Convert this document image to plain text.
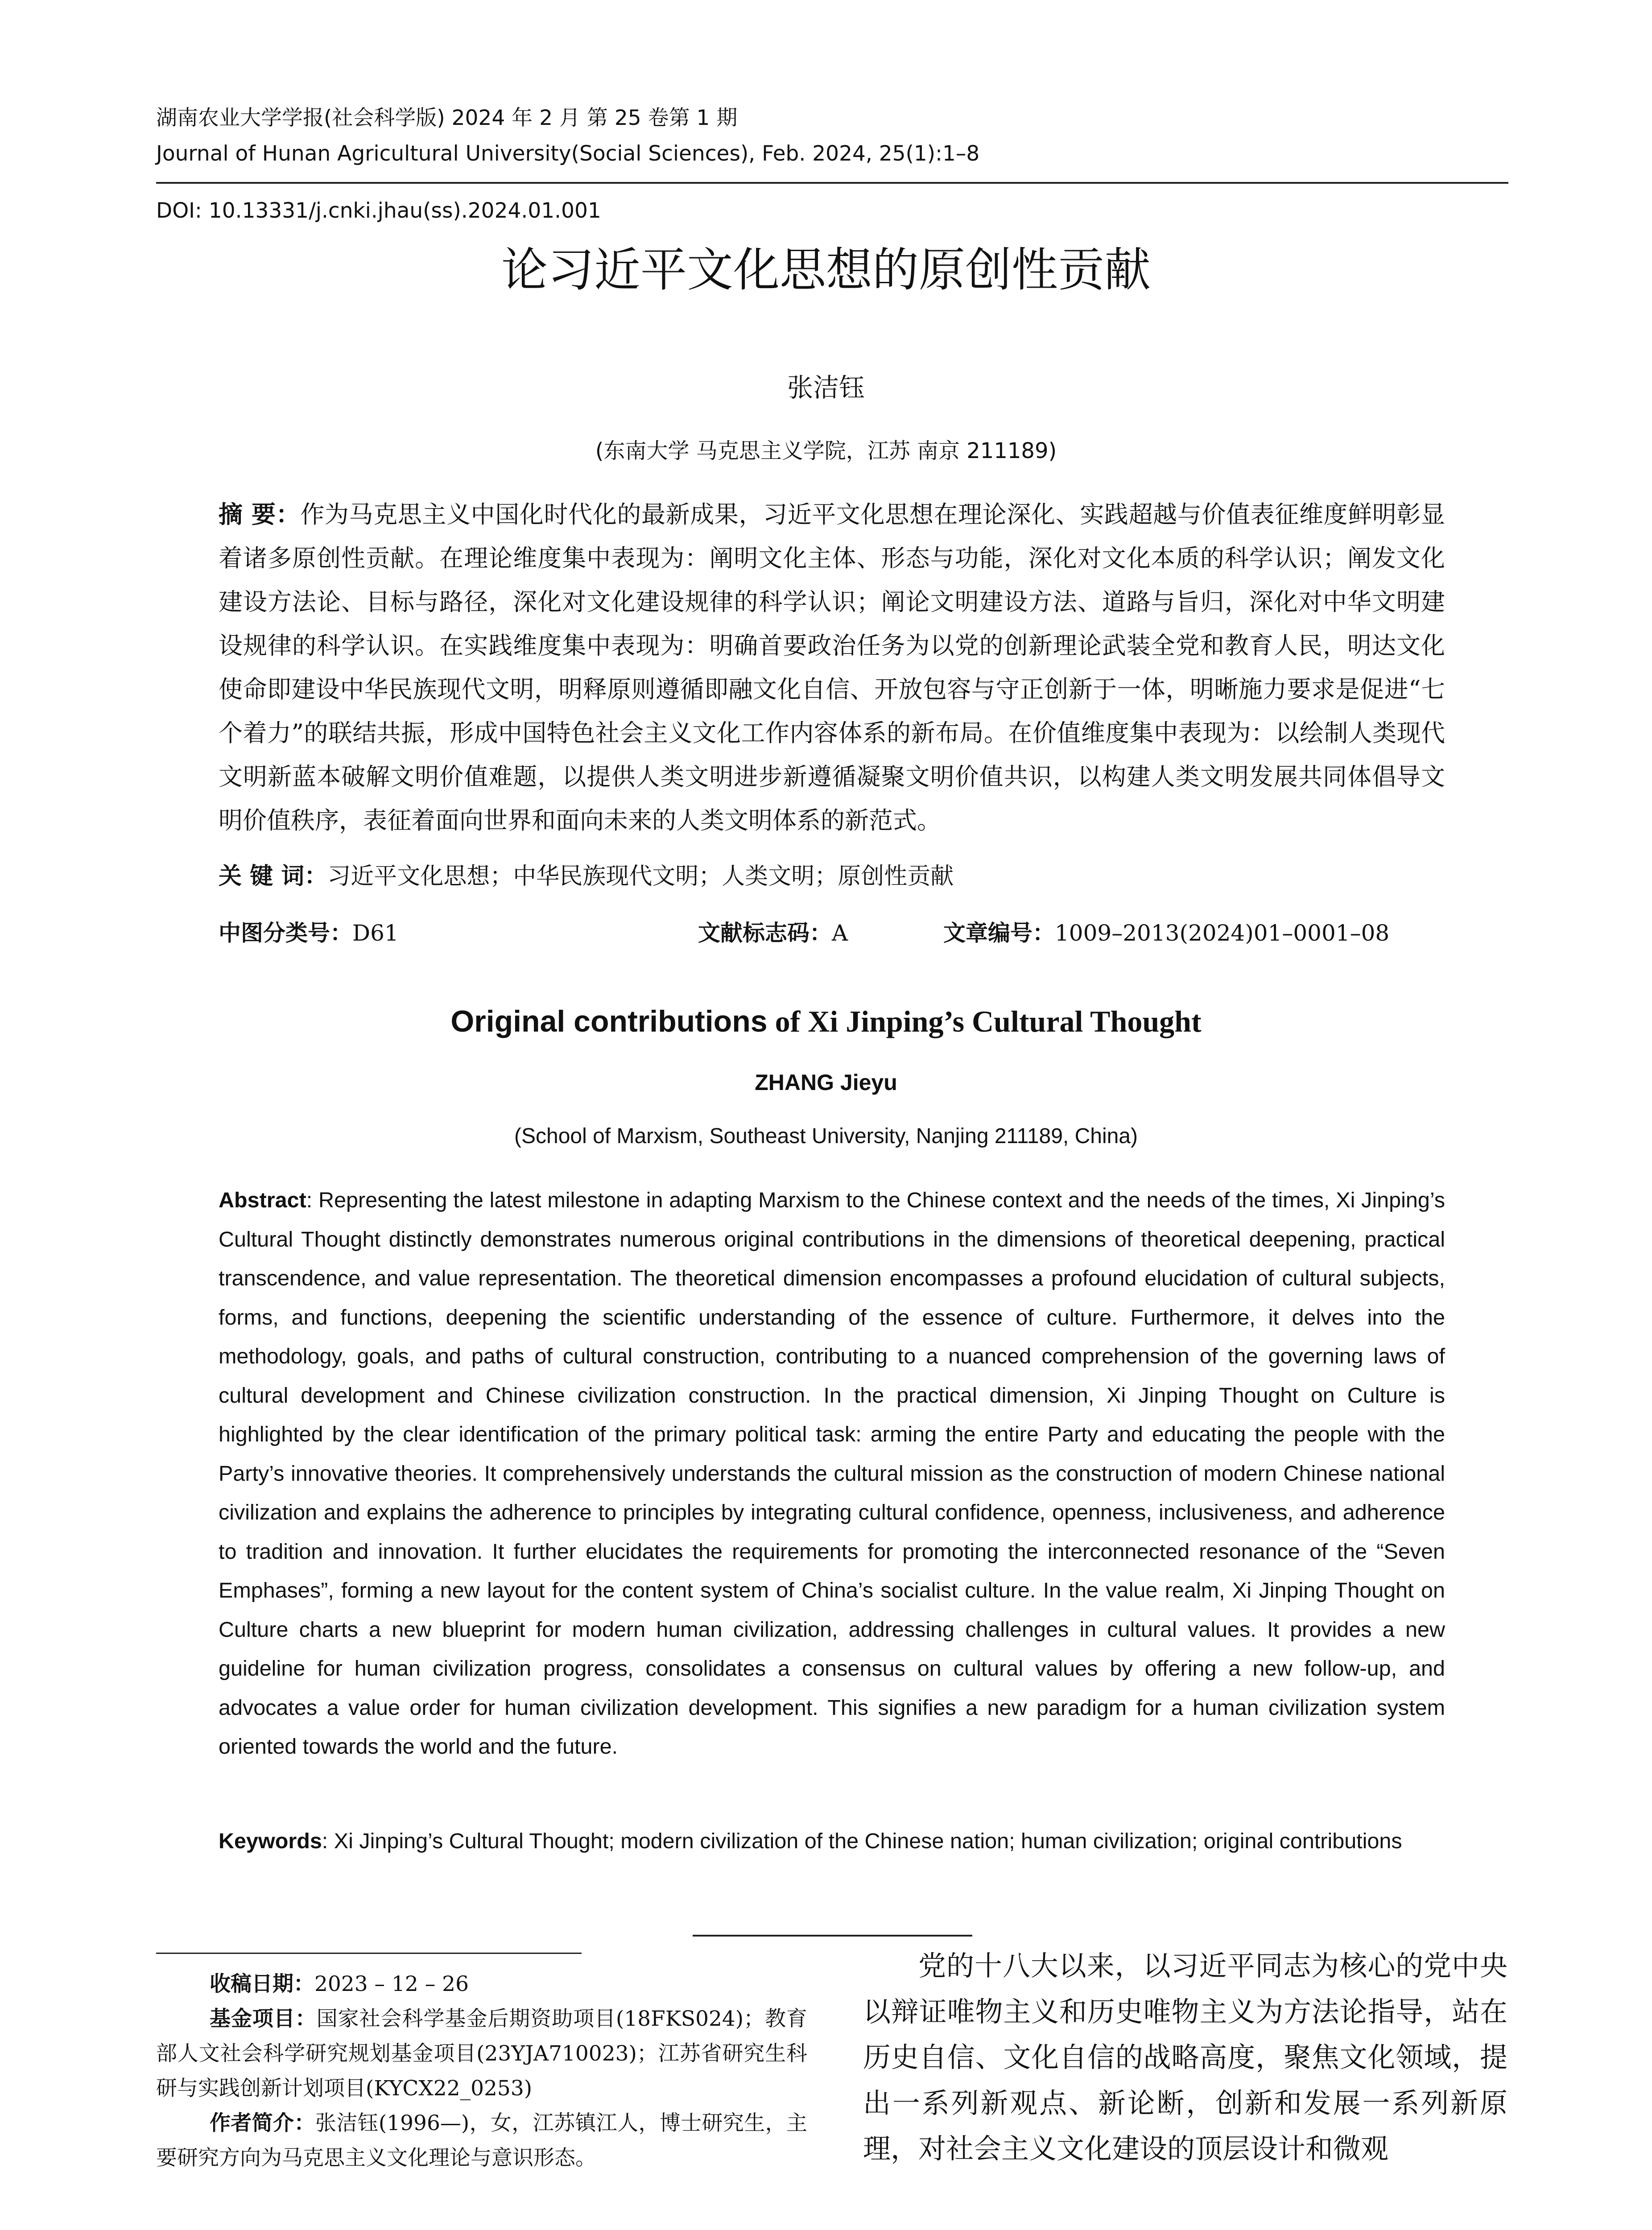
湖南农业大学学报(社会科学版) 2024 年 2 月 第 25 卷第 1 期
Journal of Hunan Agricultural University(Social Sciences), Feb. 2024, 25(1):1–8
DOI: 10.13331/j.cnki.jhau(ss).2024.01.001
论习近平文化思想的原创性贡献
张洁钰
(东南大学 马克思主义学院，江苏 南京 211189)
摘 要：作为马克思主义中国化时代化的最新成果，习近平文化思想在理论深化、实践超越与价值表征维度鲜明彰显着诸多原创性贡献。在理论维度集中表现为：阐明文化主体、形态与功能，深化对文化本质的科学认识；阐发文化建设方法论、目标与路径，深化对文化建设规律的科学认识；阐论文明建设方法、道路与旨归，深化对中华文明建设规律的科学认识。在实践维度集中表现为：明确首要政治任务为以党的创新理论武装全党和教育人民，明达文化使命即建设中华民族现代文明，明释原则遵循即融文化自信、开放包容与守正创新于一体，明晰施力要求是促进“七个着力”的联结共振，形成中国特色社会主义文化工作内容体系的新布局。在价值维度集中表现为：以绘制人类现代文明新蓝本破解文明价值难题，以提供人类文明进步新遵循凝聚文明价值共识，以构建人类文明发展共同体倡导文明价值秩序，表征着面向世界和面向未来的人类文明体系的新范式。
关 键 词：习近平文化思想；中华民族现代文明；人类文明；原创性贡献
中图分类号：D61	文献标志码：A	文章编号：1009–2013(2024)01–0001–08
Original contributions of Xi Jinping’s Cultural Thought
ZHANG Jieyu
(School of Marxism, Southeast University, Nanjing 211189, China)
Abstract: Representing the latest milestone in adapting Marxism to the Chinese context and the needs of the times, Xi Jinping’s Cultural Thought distinctly demonstrates numerous original contributions in the dimensions of theoretical deepening, practical transcendence, and value representation. The theoretical dimension encompasses a profound elucidation of cultural subjects, forms, and functions, deepening the scientific understanding of the essence of culture. Furthermore, it delves into the methodology, goals, and paths of cultural construction, contributing to a nuanced comprehension of the governing laws of cultural development and Chinese civilization construction. In the practical dimension, Xi Jinping Thought on Culture is highlighted by the clear identification of the primary political task: arming the entire Party and educating the people with the Party’s innovative theories. It comprehensively understands the cultural mission as the construction of modern Chinese national civilization and explains the adherence to principles by integrating cultural confidence, openness, inclusiveness, and adherence to tradition and innovation. It further elucidates the requirements for promoting the interconnected resonance of the “Seven Emphases”, forming a new layout for the content system of China’s socialist culture. In the value realm, Xi Jinping Thought on Culture charts a new blueprint for modern human civilization, addressing challenges in cultural values. It provides a new guideline for human civilization progress, consolidates a consensus on cultural values by offering a new follow-up, and advocates a value order for human civilization development. This signifies a new paradigm for a human civilization system oriented towards the world and the future.
Keywords: Xi Jinping’s Cultural Thought; modern civilization of the Chinese nation; human civilization; original contributions

收稿日期：2023 – 12 – 26

基金项目：国家社会科学基金后期资助项目(18FKS024)；教育部人文社会科学研究规划基金项目(23YJA710023)；江苏省研究生科研与实践创新计划项目(KYCX22_0253)

作者简介：张洁钰(1996—)，女，江苏镇江人，博士研究生，主要研究方向为马克思主义文化理论与意识形态。

党的十八大以来，以习近平同志为核心的党中央以辩证唯物主义和历史唯物主义为方法论指导，站在历史自信、文化自信的战略高度，聚焦文化领域，提出一系列新观点、新论断，创新和发展一系列新原理，对社会主义文化建设的顶层设计和微观
